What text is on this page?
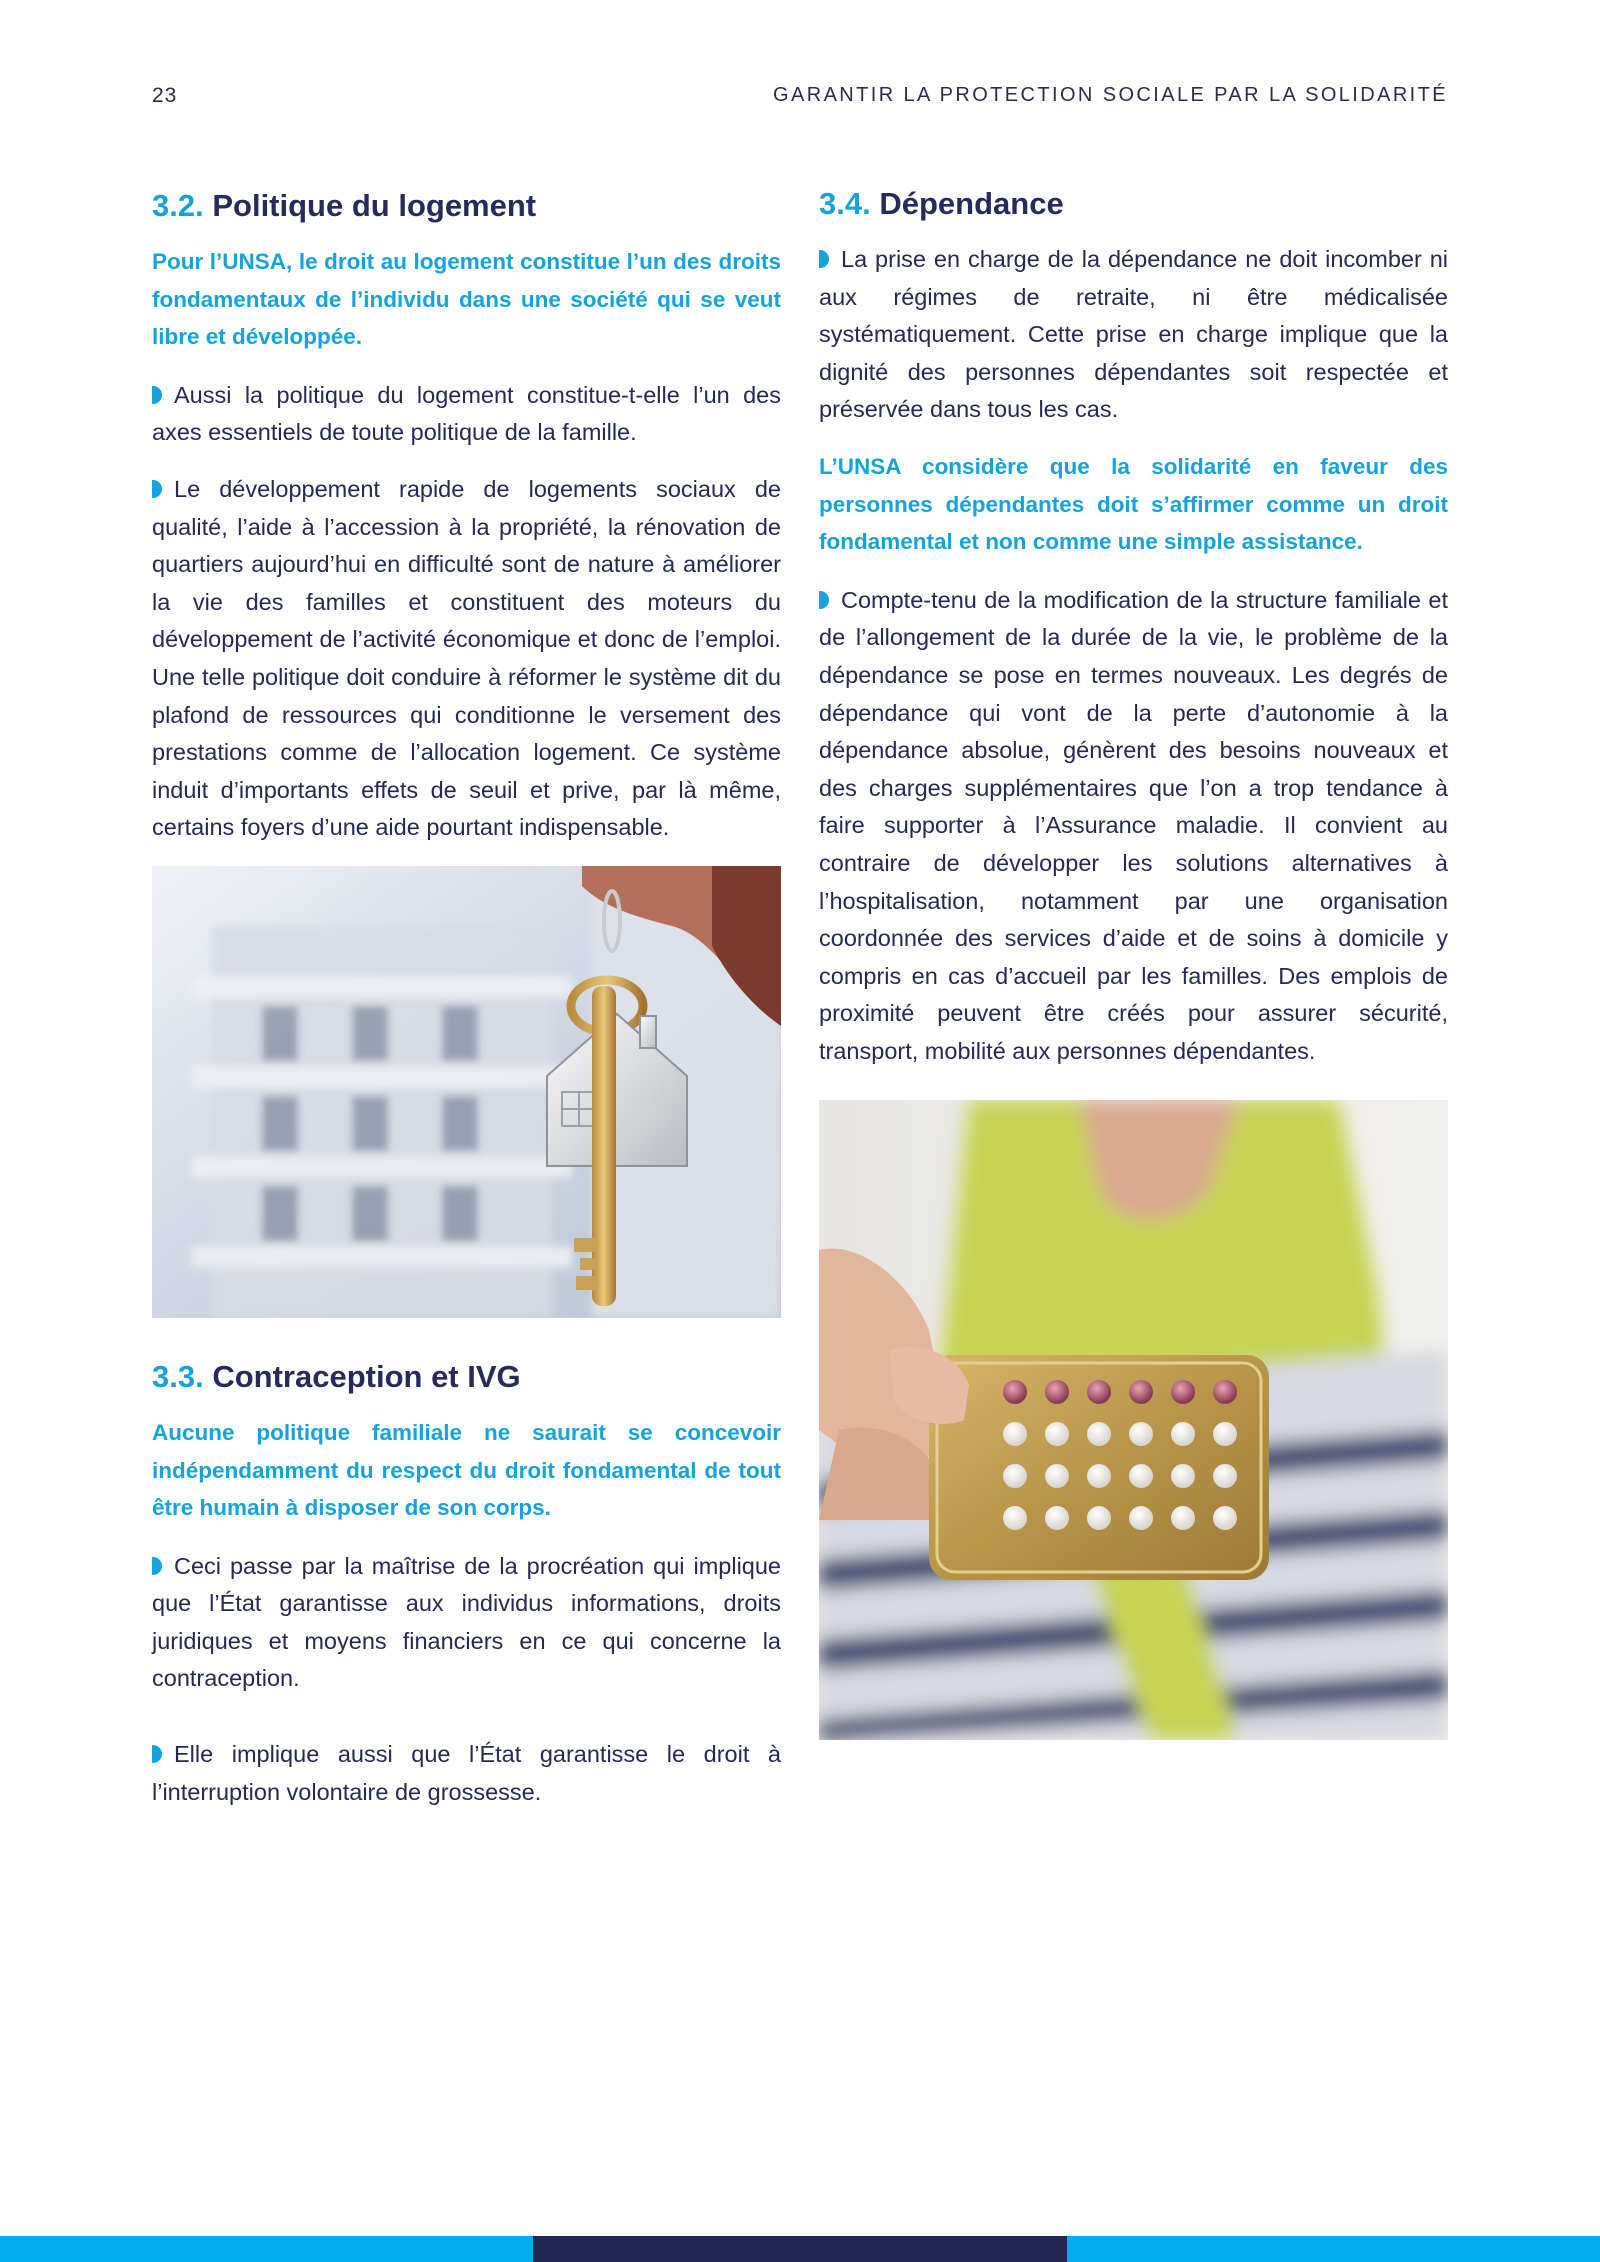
23	GARANTIR LA PROTECTION SOCIALE PAR LA SOLIDARITÉ
3.2. Politique du logement

Pour l’UNSA, le droit au logement constitue l’un des droits fondamentaux de l’individu dans une société qui se veut libre et développée.

Aussi la politique du logement constitue-t-elle l’un des axes essentiels de toute politique de la famille.

Le développement rapide de logements sociaux de qualité, l’aide à l’accession à la propriété, la rénovation de quartiers aujourd’hui en difficulté sont de nature à améliorer la vie des familles et constituent des moteurs du développement de l’activité économique et donc de l’emploi. Une telle politique doit conduire à réformer le système dit du plafond de ressources qui conditionne le versement des prestations comme de l’allocation logement. Ce système induit d’importants effets de seuil et prive, par là même, certains foyers d’une aide pourtant indispensable.

3.3. Contraception et IVG

Aucune politique familiale ne saurait se concevoir indépendamment du respect du droit fondamental de tout être humain à disposer de son corps.

Ceci passe par la maîtrise de la procréation qui implique que l’État garantisse aux individus informations, droits juridiques et moyens financiers en ce qui concerne la contraception.

Elle implique aussi que l’État garantisse le droit à l’interruption volontaire de grossesse.

3.4. Dépendance

La prise en charge de la dépendance ne doit incomber ni aux régimes de retraite, ni être médicalisée systématiquement. Cette prise en charge implique que la dignité des personnes dépendantes soit respectée et préservée dans tous les cas.

L’UNSA considère que la solidarité en faveur des personnes dépendantes doit s’affirmer comme un droit fondamental et non comme une simple assistance.

Compte-tenu de la modification de la structure familiale et de l’allongement de la durée de la vie, le problème de la dépendance se pose en termes nouveaux. Les degrés de dépendance qui vont de la perte d’autonomie à la dépendance absolue, génèrent des besoins nouveaux et des charges supplémentaires que l’on a trop tendance à faire supporter à l’Assurance maladie. Il convient au contraire de développer les solutions alternatives à l’hospitalisation, notamment par une organisation coordonnée des services d’aide et de soins à domicile y compris en cas d’accueil par les familles. Des emplois de proximité peuvent être créés pour assurer sécurité, transport, mobilité aux personnes dépendantes.
